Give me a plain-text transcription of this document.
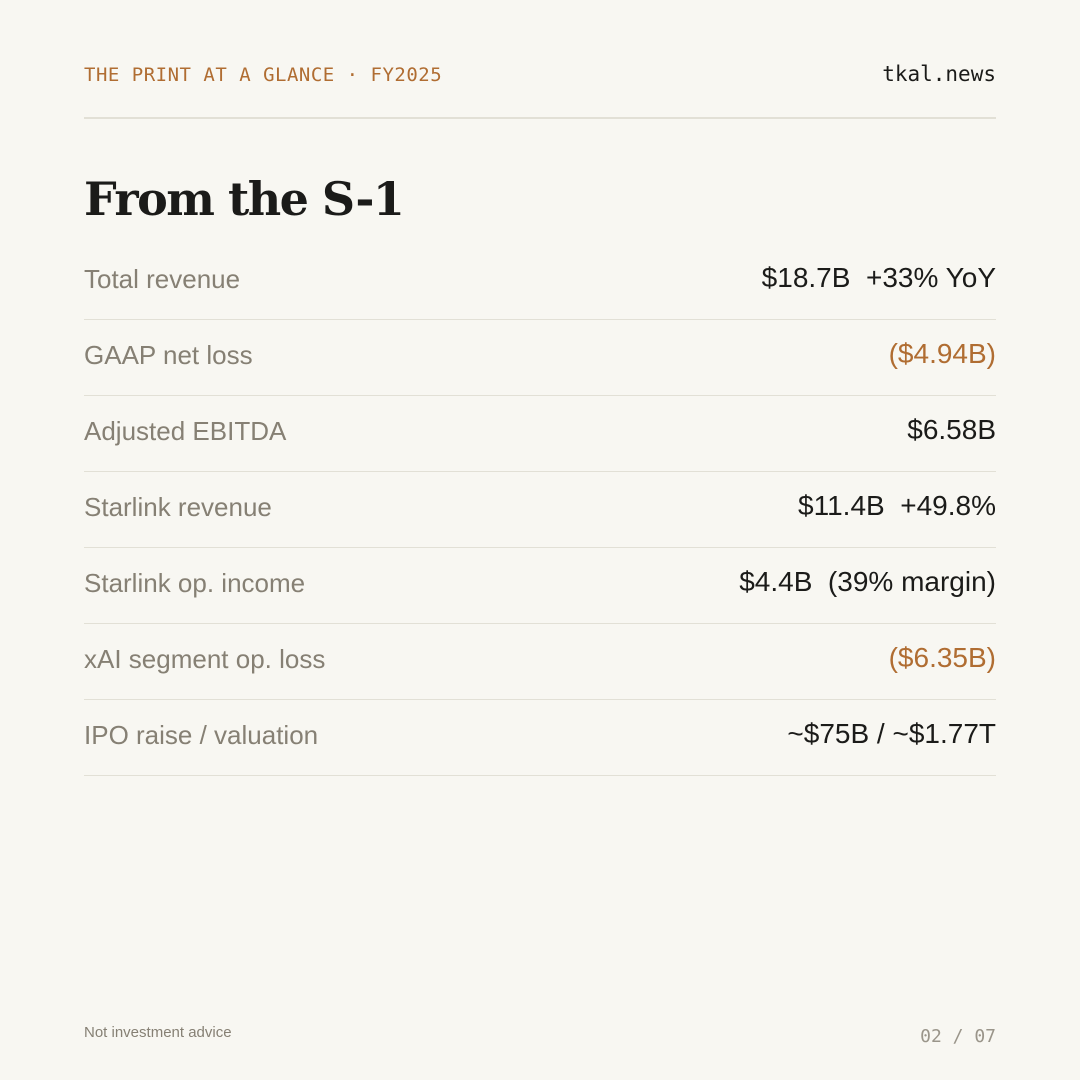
THE PRINT AT A GLANCE · FY2025	tkal.news
From the S-1
Total revenue	$18.7B  +33% YoY
GAAP net loss	($4.94B)
Adjusted EBITDA	$6.58B
Starlink revenue	$11.4B  +49.8%
Starlink op. income	$4.4B  (39% margin)
xAI segment op. loss	($6.35B)
IPO raise / valuation	~$75B / ~$1.77T
Not investment advice	02 / 07
